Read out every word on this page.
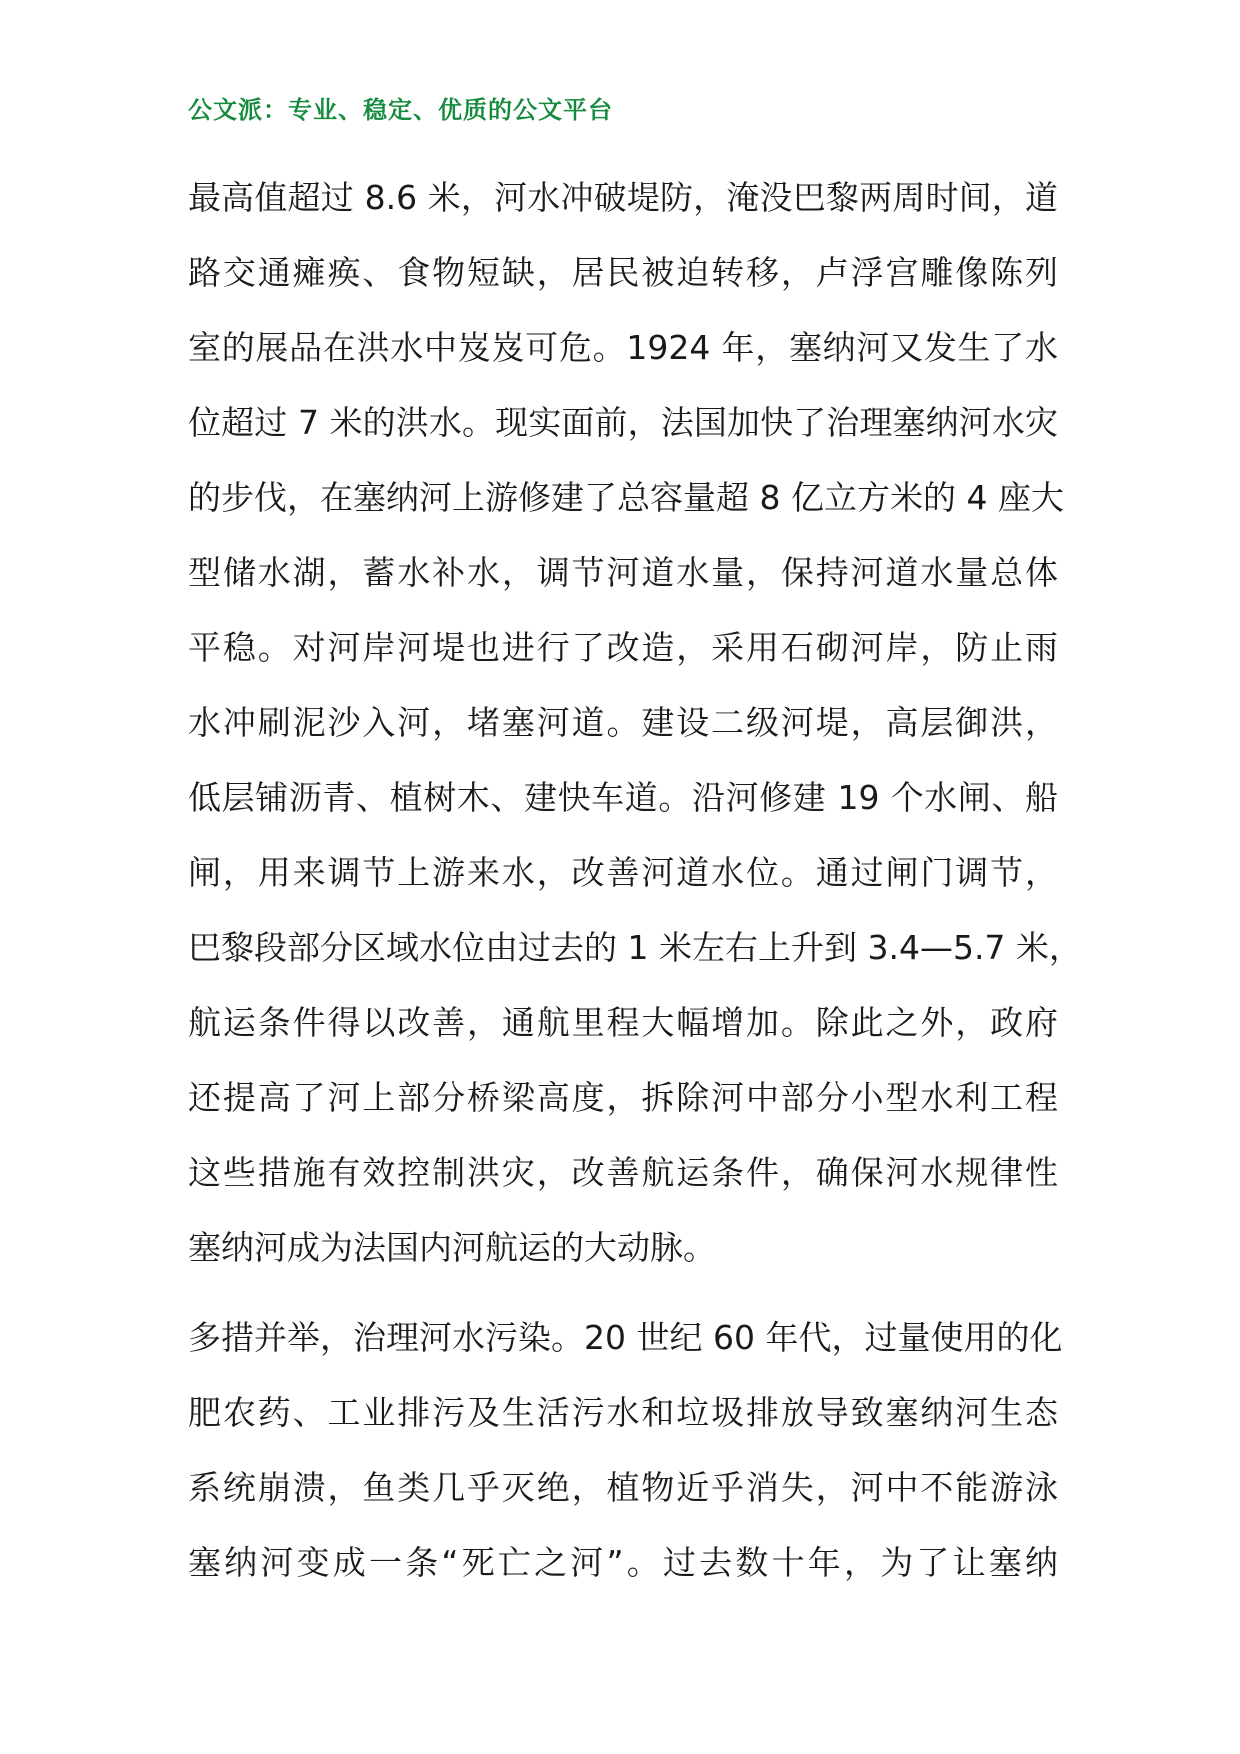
公文派：专业、稳定、优质的公文平台

最高值超过 8.6 米，河水冲破堤防，淹没巴黎两周时间，道
路交通瘫痪、食物短缺，居民被迫转移，卢浮宫雕像陈列
室的展品在洪水中岌岌可危。1924 年，塞纳河又发生了水
位超过 7 米的洪水。现实面前，法国加快了治理塞纳河水灾
的步伐，在塞纳河上游修建了总容量超 8 亿立方米的 4 座大
型储水湖，蓄水补水，调节河道水量，保持河道水量总体
平稳。对河岸河堤也进行了改造，采用石砌河岸，防止雨
水冲刷泥沙入河，堵塞河道。建设二级河堤，高层御洪，
低层铺沥青、植树木、建快车道。沿河修建 19 个水闸、船
闸，用来调节上游来水，改善河道水位。通过闸门调节，
巴黎段部分区域水位由过去的 1 米左右上升到 3.4—5.7 米，
航运条件得以改善，通航里程大幅增加。除此之外，政府
还提高了河上部分桥梁高度，拆除河中部分小型水利工程
这些措施有效控制洪灾，改善航运条件，确保河水规律性
塞纳河成为法国内河航运的大动脉。

多措并举，治理河水污染。20 世纪 60 年代，过量使用的化
肥农药、工业排污及生活污水和垃圾排放导致塞纳河生态
系统崩溃，鱼类几乎灭绝，植物近乎消失，河中不能游泳
塞纳河变成一条“死亡之河”。过去数十年，为了让塞纳
